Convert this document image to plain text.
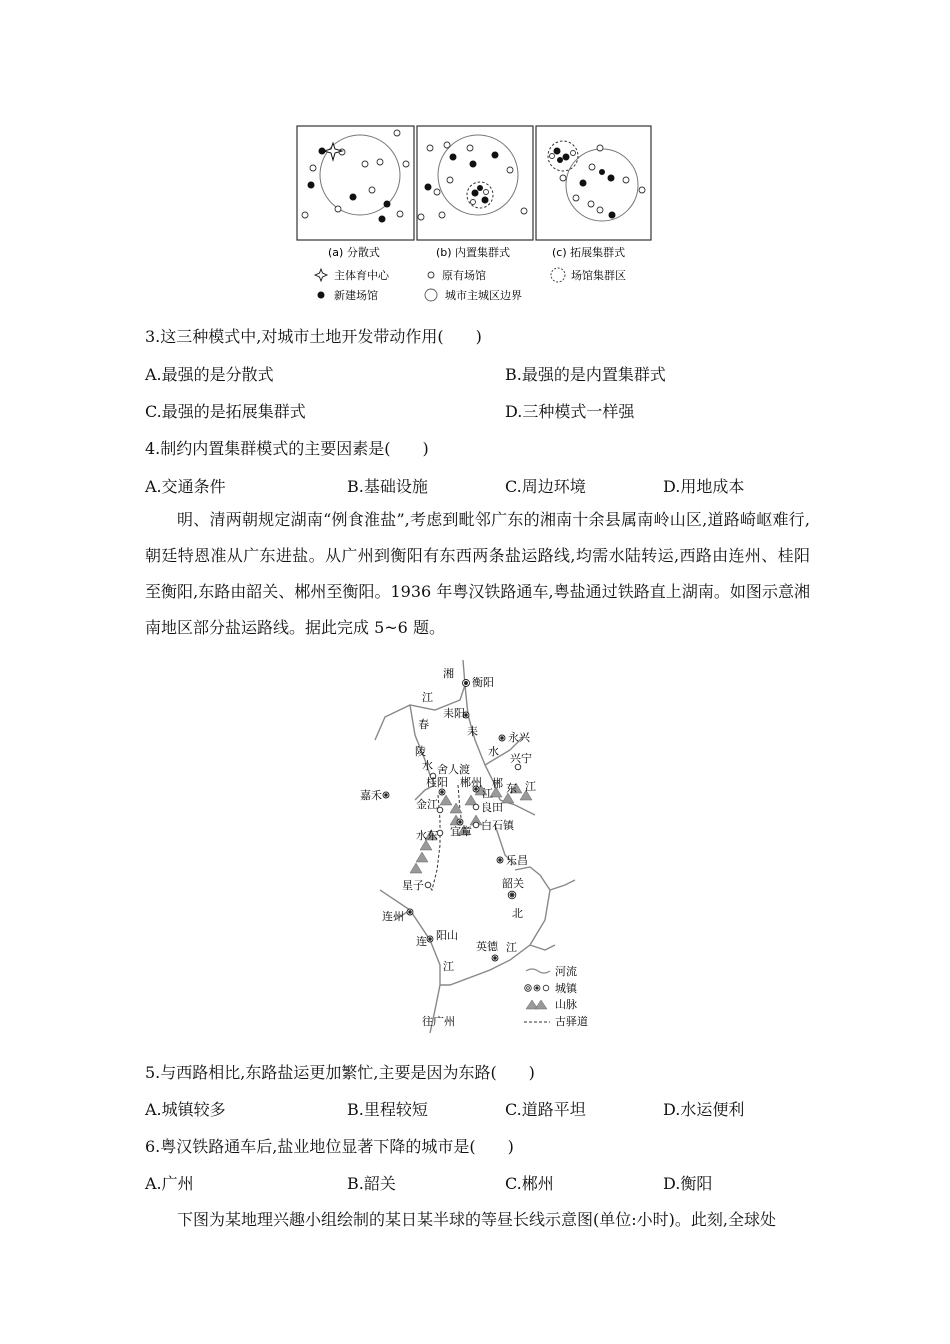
(a) 分散式	(b) 内置集群式	(c) 拓展集群式
主体育中心	原有场馆	场馆集群区
新建场馆	城市主城区边界
3.这三种模式中,对城市土地开发带动作用(　　)
A.最强的是分散式	B.最强的是内置集群式
C.最强的是拓展集群式	D.三种模式一样强
4.制约内置集群模式的主要因素是(　　)
A.交通条件	B.基础设施	C.周边环境	D.用地成本
明、清两朝规定湖南“例食淮盐”,考虑到毗邻广东的湘南十余县属南岭山区,道路崎岖难行,朝廷特恩准从广东进盐。从广州到衡阳有东西两条盐运路线,均需水陆转运,西路由连州、桂阳至衡阳,东路由韶关、郴州至衡阳。1936 年粤汉铁路通车,粤盐通过铁路直上湖南。如图示意湘南地区部分盐运路线。据此完成 5~6 题。
衡阳
耒阳
永兴
兴宁
舍人渡
桂阳 郴州
嘉禾
金江	良田
宜章 白石镇
水东
乐昌
星子	韶关
连州
阳山
英德
湘
江
春
陵
水
耒
水
郴 东 江
江
北
江
连
江
往广州
河流
城镇
山脉
古驿道
5.与西路相比,东路盐运更加繁忙,主要是因为东路(　　)
A.城镇较多	B.里程较短	C.道路平坦	D.水运便利
6.粤汉铁路通车后,盐业地位显著下降的城市是(　　)
A.广州	B.韶关	C.郴州	D.衡阳
下图为某地理兴趣小组绘制的某日某半球的等昼长线示意图(单位:小时)。此刻,全球处
